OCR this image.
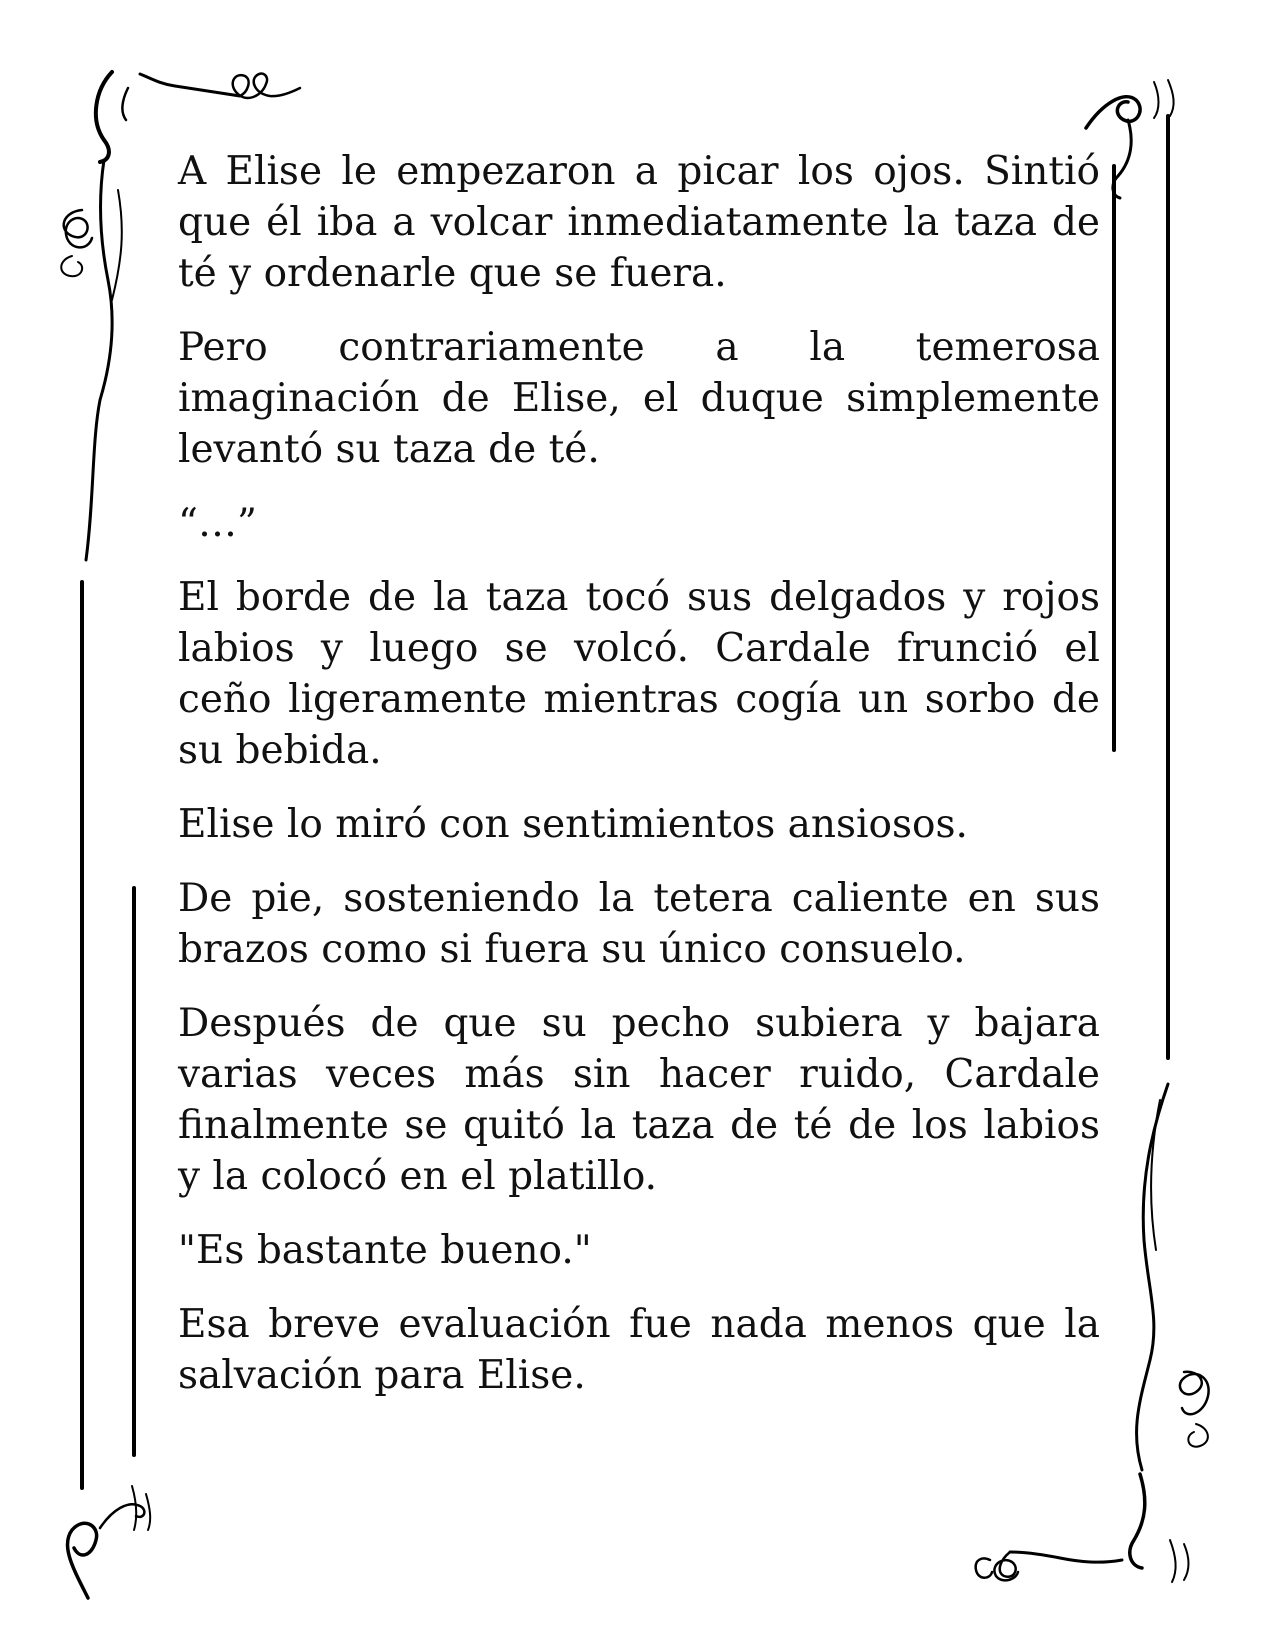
A Elise le empezaron a picar los ojos. Sintió que él iba a volcar inmediatamente la taza de té y ordenarle que se fuera.

Pero contrariamente a la temerosa imaginación de Elise, el duque simplemente levantó su taza de té.

“…”

El borde de la taza tocó sus delgados y rojos labios y luego se volcó. Cardale frunció el ceño ligeramente mientras cogía un sorbo de su bebida.

Elise lo miró con sentimientos ansiosos.

De pie, sosteniendo la tetera caliente en sus brazos como si fuera su único consuelo.

Después de que su pecho subiera y bajara varias veces más sin hacer ruido, Cardale finalmente se quitó la taza de té de los labios y la colocó en el platillo.

"Es bastante bueno."

Esa breve evaluación fue nada menos que la salvación para Elise.
